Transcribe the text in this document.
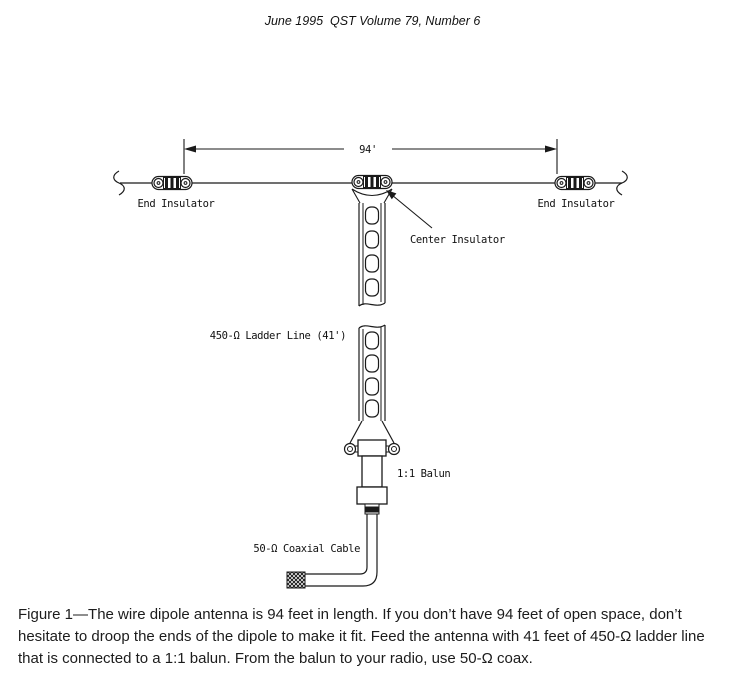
June 1995  QST Volume 79, Number 6
94'
End Insulator	End Insulator
Center Insulator
450-Ω Ladder Line (41')
1:1 Balun
50-Ω Coaxial Cable
Figure 1—The wire dipole antenna is 94 feet in length. If you don’t have 94 feet of open space, don’t hesitate to droop the ends of the dipole to make it fit. Feed the antenna with 41 feet of 450-Ω ladder line that is connected to a 1:1 balun. From the balun to your radio, use 50-Ω coax.
